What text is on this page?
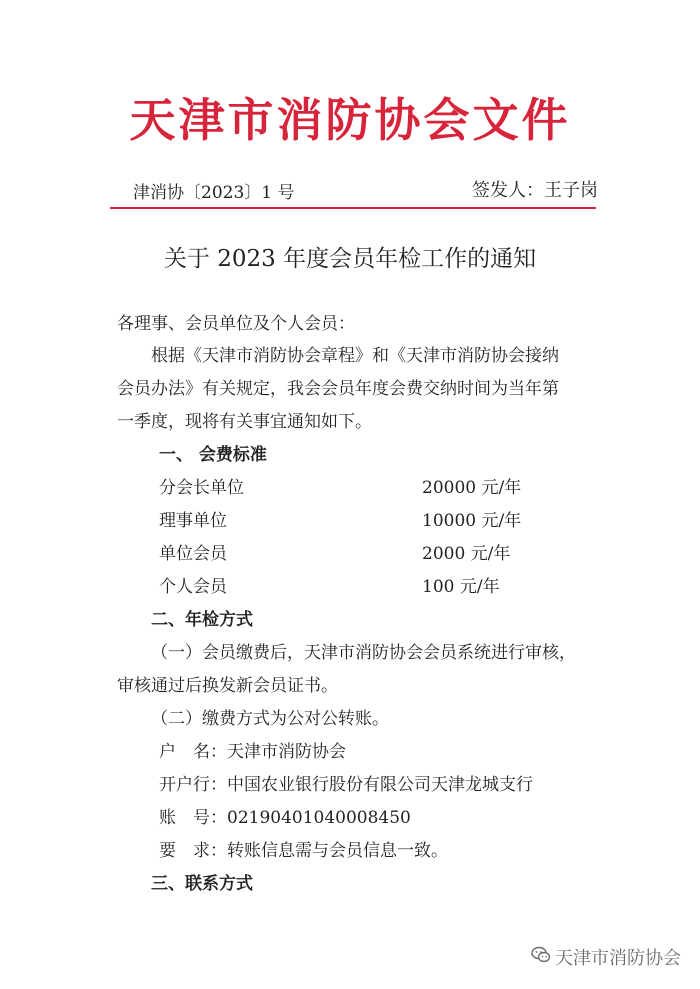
天津市消防协会文件
津消协〔2023〕1 号	签发人：王子岗
关于 2023 年度会员年检工作的通知
各理事、会员单位及个人会员：
根据《天津市消防协会章程》和《天津市消防协会接纳
会员办法》有关规定，我会会员年度会费交纳时间为当年第
一季度，现将有关事宜通知如下。
一、 会费标准
分会长单位	20000 元/年
理事单位	10000 元/年
单位会员	2000 元/年
个人会员	100 元/年
二、年检方式
（一）会员缴费后，天津市消防协会会员系统进行审核，
审核通过后换发新会员证书。
（二）缴费方式为公对公转账。
户　名：天津市消防协会
开户行：中国农业银行股份有限公司天津龙城支行
账　号：02190401040008450
要　求：转账信息需与会员信息一致。
三、联系方式
天津市消防协会
